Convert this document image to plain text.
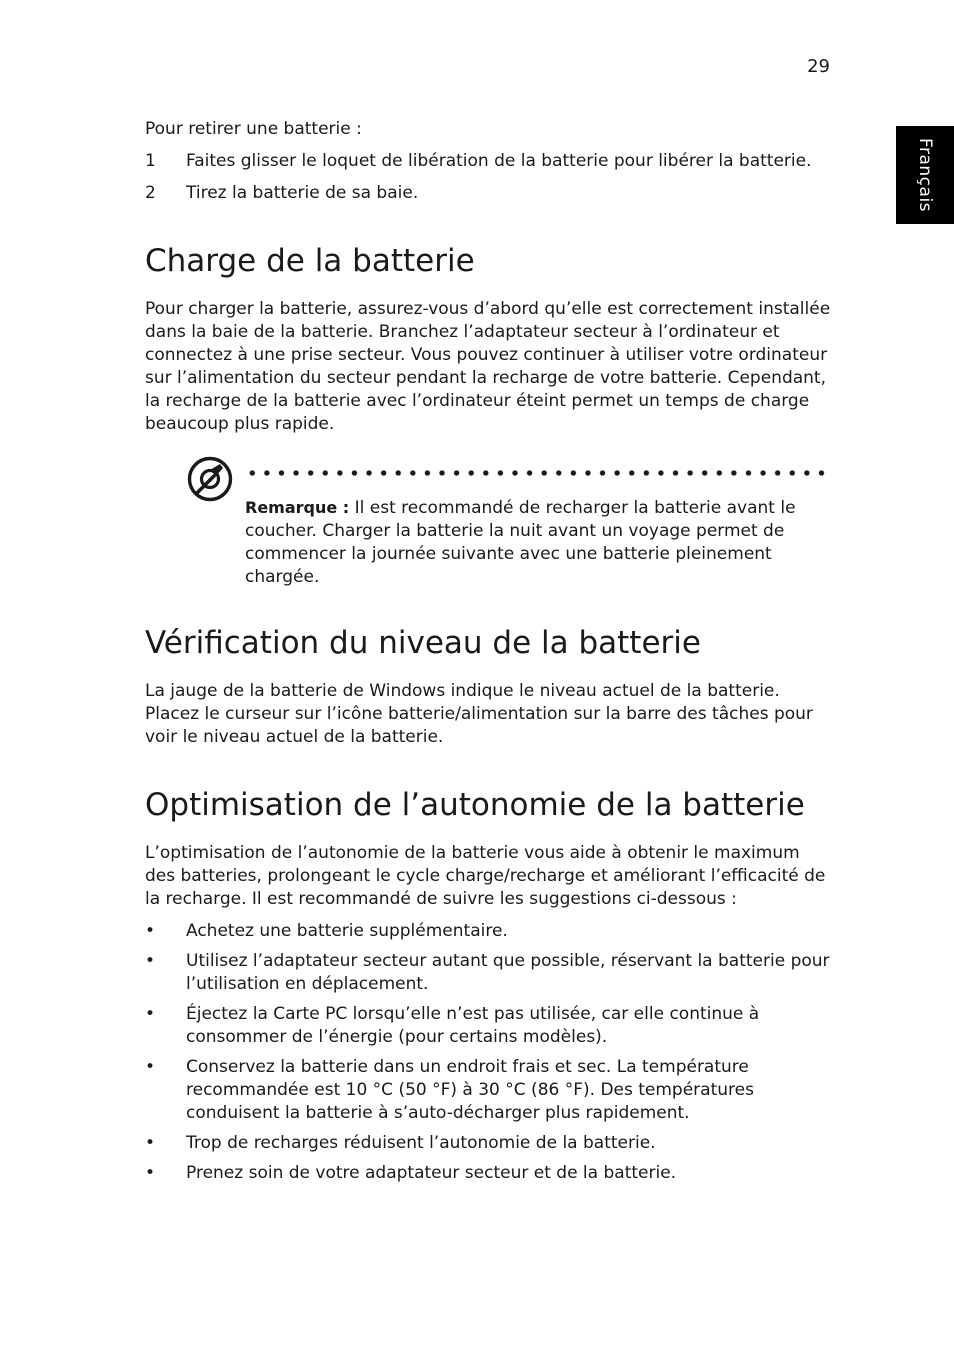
29
Français

Pour retirer une batterie :

1 Faites glisser le loquet de libération de la batterie pour libérer la batterie.
2 Tirez la batterie de sa baie.
Charge de la batterie

Pour charger la batterie, assurez-vous d’abord qu’elle est correctement installée dans la baie de la batterie. Branchez l’adaptateur secteur à l’ordinateur et connectez à une prise secteur. Vous pouvez continuer à utiliser votre ordinateur sur l’alimentation du secteur pendant la recharge de votre batterie. Cependant, la recharge de la batterie avec l’ordinateur éteint permet un temps de charge beaucoup plus rapide.

Remarque : Il est recommandé de recharger la batterie avant le coucher. Charger la batterie la nuit avant un voyage permet de commencer la journée suivante avec une batterie pleinement chargée.
Vérification du niveau de la batterie

La jauge de la batterie de Windows indique le niveau actuel de la batterie. Placez le curseur sur l’icône batterie/alimentation sur la barre des tâches pour voir le niveau actuel de la batterie.

Optimisation de l’autonomie de la batterie

L’optimisation de l’autonomie de la batterie vous aide à obtenir le maximum des batteries, prolongeant le cycle charge/recharge et améliorant l’efficacité de la recharge. Il est recommandé de suivre les suggestions ci-dessous :

• Achetez une batterie supplémentaire.
• Utilisez l’adaptateur secteur autant que possible, réservant la batterie pour l’utilisation en déplacement.
• Éjectez la Carte PC lorsqu’elle n’est pas utilisée, car elle continue à consommer de l’énergie (pour certains modèles).
• Conservez la batterie dans un endroit frais et sec. La température recommandée est 10 °C (50 °F) à 30 °C (86 °F). Des températures conduisent la batterie à s’auto-décharger plus rapidement.
• Trop de recharges réduisent l’autonomie de la batterie.
• Prenez soin de votre adaptateur secteur et de la batterie.
